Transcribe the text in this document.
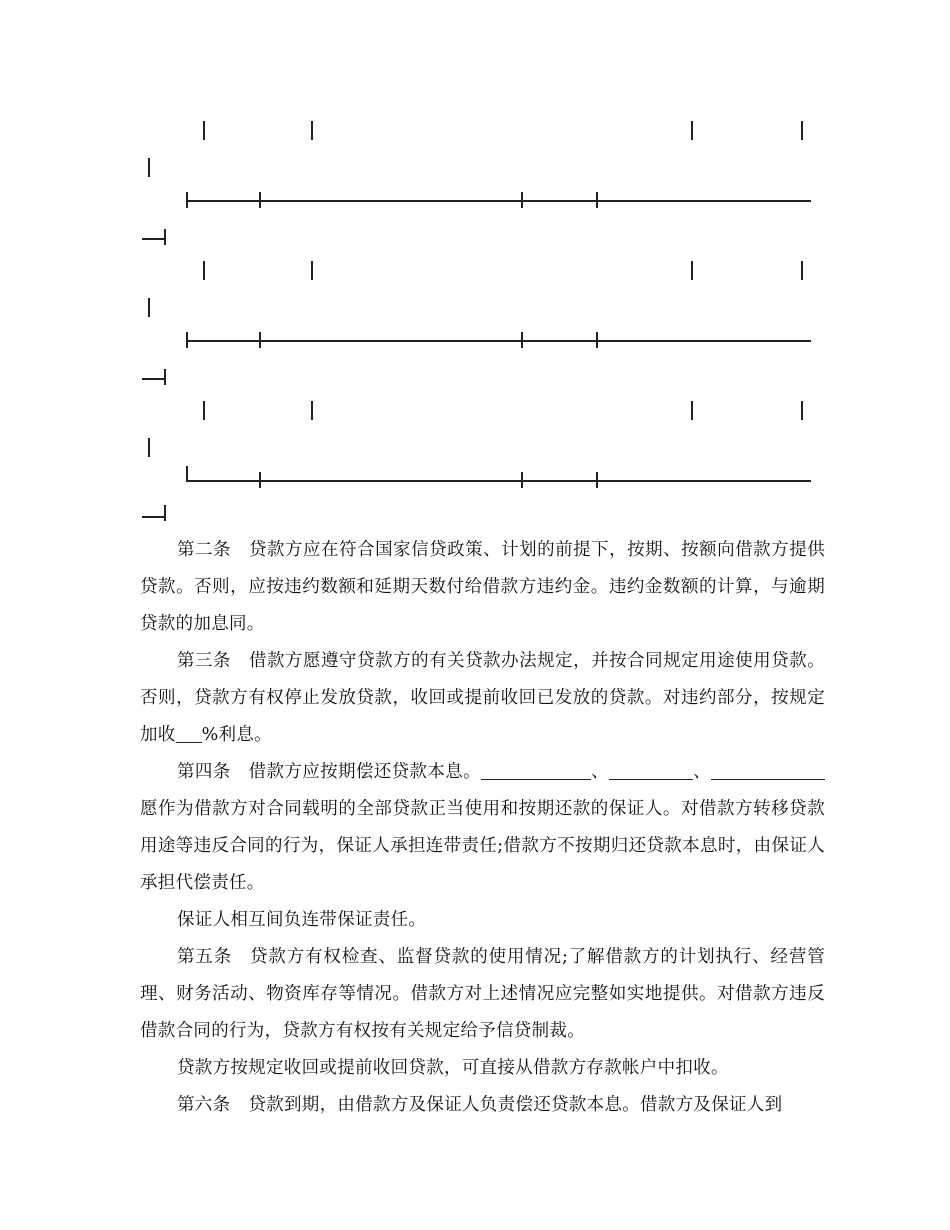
第二条 贷款方应在符合国家信贷政策、计划的前提下，按期、按额向借款方提供贷款。否则，应按违约数额和延期天数付给借款方违约金。违约金数额的计算，与逾期贷款的加息同。

第三条 借款方愿遵守贷款方的有关贷款办法规定，并按合同规定用途使用贷款。否则，贷款方有权停止发放贷款，收回或提前收回已发放的贷款。对违约部分，按规定加收 %利息。

第四条 借款方应按期偿还贷款本息。	、	、愿作为借款方对合同载明的全部贷款正当使用和按期还款的保证人。对借款方转移贷款用途等违反合同的行为，保证人承担连带责任;借款方不按期归还贷款本息时，由保证人承担代偿责任。

保证人相互间负连带保证责任。

第五条 贷款方有权检查、监督贷款的使用情况;了解借款方的计划执行、经营管理、财务活动、物资库存等情况。借款方对上述情况应完整如实地提供。对借款方违反借款合同的行为，贷款方有权按有关规定给予信贷制裁。

贷款方按规定收回或提前收回贷款，可直接从借款方存款帐户中扣收。

第六条 贷款到期，由借款方及保证人负责偿还贷款本息。借款方及保证人到
